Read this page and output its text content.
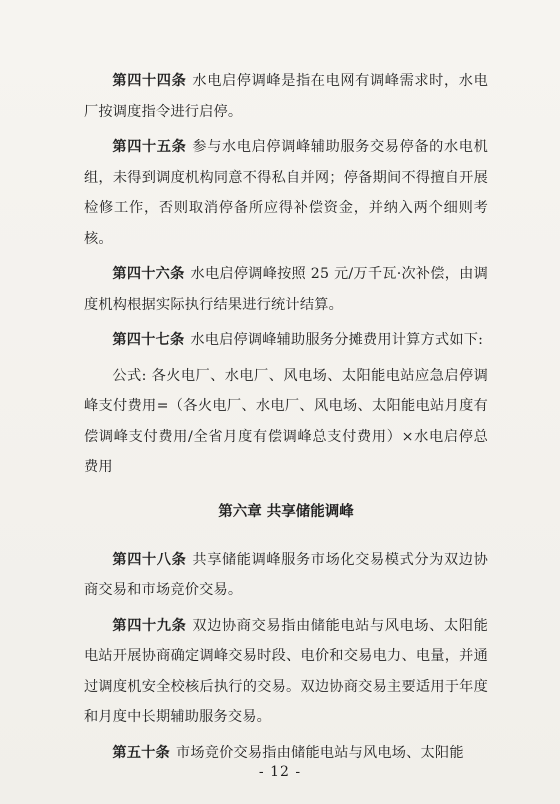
第四十四条 水电启停调峰是指在电网有调峰需求时，水电厂按调度指令进行启停。

第四十五条 参与水电启停调峰辅助服务交易停备的水电机组，未得到调度机构同意不得私自并网；停备期间不得擅自开展检修工作，否则取消停备所应得补偿资金，并纳入两个细则考核。

第四十六条 水电启停调峰按照 25 元/万千瓦·次补偿，由调度机构根据实际执行结果进行统计结算。

第四十七条 水电启停调峰辅助服务分摊费用计算方式如下:

公式: 各火电厂、水电厂、风电场、太阳能电站应急启停调峰支付费用=（各火电厂、水电厂、风电场、太阳能电站月度有偿调峰支付费用/全省月度有偿调峰总支付费用）×水电启停总费用

第六章 共享储能调峰

第四十八条 共享储能调峰服务市场化交易模式分为双边协商交易和市场竞价交易。

第四十九条 双边协商交易指由储能电站与风电场、太阳能电站开展协商确定调峰交易时段、电价和交易电力、电量，并通过调度机安全校核后执行的交易。双边协商交易主要适用于年度和月度中长期辅助服务交易。

第五十条 市场竞价交易指由储能电站与风电场、太阳能

- 12 -
